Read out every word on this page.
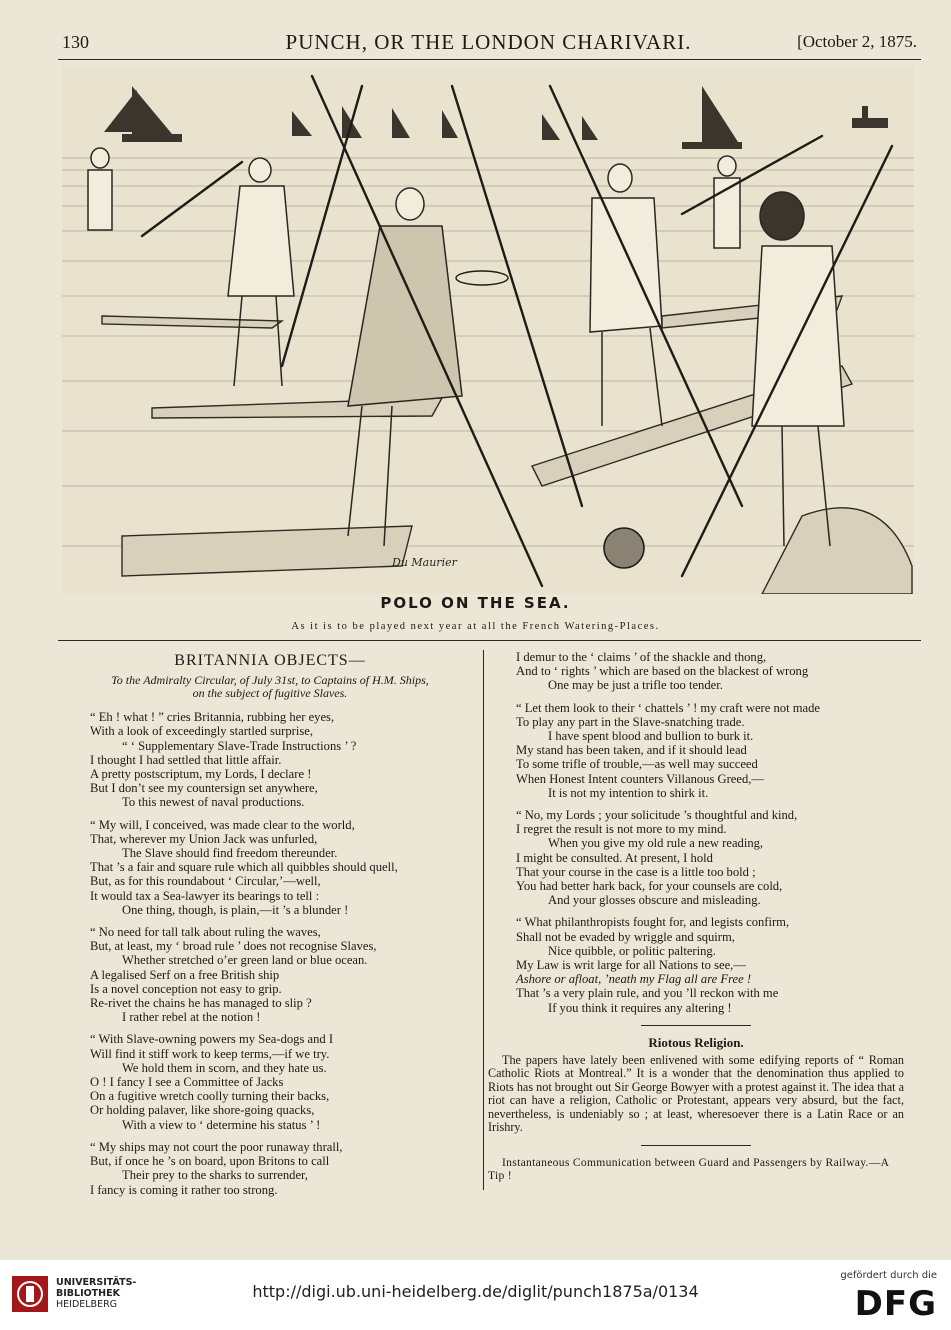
130	PUNCH, OR THE LONDON CHARIVARI.	[October 2, 1875.
Du Maurier
POLO ON THE SEA.
As it is to be played next year at all the French Watering-Places.
BRITANNIA OBJECTS—
To the Admiralty Circular, of July 31st, to Captains of H.M. Ships,
on the subject of fugitive Slaves.
“ Eh ! what ! ” cries Britannia, rubbing her eyes,
With a look of exceedingly startled surprise,
“ ‘ Supplementary Slave-Trade Instructions ’ ?
I thought I had settled that little affair.
A pretty postscriptum, my Lords, I declare !
But I don’t see my countersign set anywhere,
To this newest of naval productions.
“ My will, I conceived, was made clear to the world,
That, wherever my Union Jack was unfurled,
The Slave should find freedom thereunder.
That ’s a fair and square rule which all quibbles should quell,
But, as for this roundabout ‘ Circular,’—well,
It would tax a Sea-lawyer its bearings to tell :
One thing, though, is plain,—it ’s a blunder !
“ No need for tall talk about ruling the waves,
But, at least, my ‘ broad rule ’ does not recognise Slaves,
Whether stretched o’er green land or blue ocean.
A legalised Serf on a free British ship
Is a novel conception not easy to grip.
Re-rivet the chains he has managed to slip ?
I rather rebel at the notion !
“ With Slave-owning powers my Sea-dogs and I
Will find it stiff work to keep terms,—if we try.
We hold them in scorn, and they hate us.
O ! I fancy I see a Committee of Jacks
On a fugitive wretch coolly turning their backs,
Or holding palaver, like shore-going quacks,
With a view to ‘ determine his status ’ !
“ My ships may not court the poor runaway thrall,
But, if once he ’s on board, upon Britons to call
Their prey to the sharks to surrender,
I fancy is coming it rather too strong.
I demur to the ‘ claims ’ of the shackle and thong,
And to ‘ rights ’ which are based on the blackest of wrong
One may be just a trifle too tender.
“ Let them look to their ‘ chattels ’ ! my craft were not made
To play any part in the Slave-snatching trade.
I have spent blood and bullion to burk it.
My stand has been taken, and if it should lead
To some trifle of trouble,—as well may succeed
When Honest Intent counters Villanous Greed,—
It is not my intention to shirk it.
“ No, my Lords ; your solicitude ’s thoughtful and kind,
I regret the result is not more to my mind.
When you give my old rule a new reading,
I might be consulted. At present, I hold
That your course in the case is a little too bold ;
You had better hark back, for your counsels are cold,
And your glosses obscure and misleading.
“ What philanthropists fought for, and legists confirm,
Shall not be evaded by wriggle and squirm,
Nice quibble, or politic paltering.
My Law is writ large for all Nations to see,—
Ashore or afloat, ’neath my Flag all are Free !
That ’s a very plain rule, and you ’ll reckon with me
If you think it requires any altering !
Riotous Religion.
The papers have lately been enlivened with some edifying reports of “ Roman Catholic Riots at Montreal.” It is a wonder that the denomination thus applied to Riots has not brought out Sir George Bowyer with a protest against it. The idea that a riot can have a religion, Catholic or Protestant, appears very absurd, but the fact, nevertheless, is undeniably so ; at least, wheresoever there is a Latin Race or an Irishry.
Instantaneous Communication between Guard and Passengers by Railway.—A Tip !
UNIVERSITÄTS-
BIBLIOTHEK
HEIDELBERG
http://digi.ub.uni-heidelberg.de/diglit/punch1875a/0134
gefördert durch die
DFG
